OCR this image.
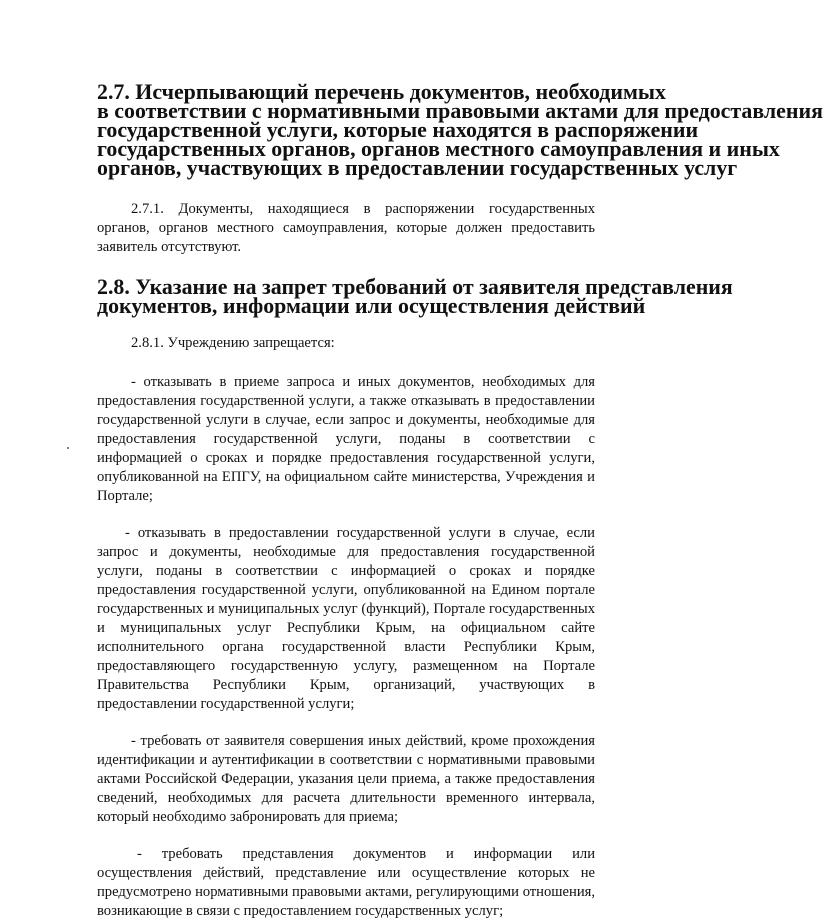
2.7. Исчерпывающий перечень документов, необходимых
в соответствии с нормативными правовыми актами для предоставления
государственной услуги, которые находятся в распоряжении
государственных органов, органов местного самоуправления и иных
органов, участвующих в предоставлении государственных услуг

2.7.1. Документы, находящиеся в распоряжении государственных органов, органов местного самоуправления, которые должен предоставить заявитель отсутствуют.

2.8. Указание на запрет требований от заявителя представления
документов, информации или осуществления действий

2.8.1. Учреждению запрещается:

- отказывать в приеме запроса и иных документов, необходимых для предоставления государственной услуги, а также отказывать в предоставлении государственной услуги в случае, если запрос и документы, необходимые для предоставления государственной услуги, поданы в соответствии с информацией о сроках и порядке предоставления государственной услуги, опубликованной на ЕПГУ, на официальном сайте министерства, Учреждения и Портале;

- отказывать в предоставлении государственной услуги в случае, если запрос и документы, необходимые для предоставления государственной услуги, поданы в соответствии с информацией о сроках и порядке предоставления государственной услуги, опубликованной на Едином портале государственных и муниципальных услуг (функций), Портале государственных и муниципальных услуг Республики Крым, на официальном сайте исполнительного органа государственной власти Республики Крым, предоставляющего государственную услугу, размещенном на Портале Правительства Республики Крым, организаций, участвующих в предоставлении государственной услуги;

- требовать от заявителя совершения иных действий, кроме прохождения идентификации и аутентификации в соответствии с нормативными правовыми актами Российской Федерации, указания цели приема, а также предоставления сведений, необходимых для расчета длительности временного интервала, который необходимо забронировать для приема;

- требовать представления документов и информации или осуществления действий, представление или осуществление которых не предусмотрено нормативными правовыми актами, регулирующими отношения, возникающие в связи с предоставлением государственных услуг;
